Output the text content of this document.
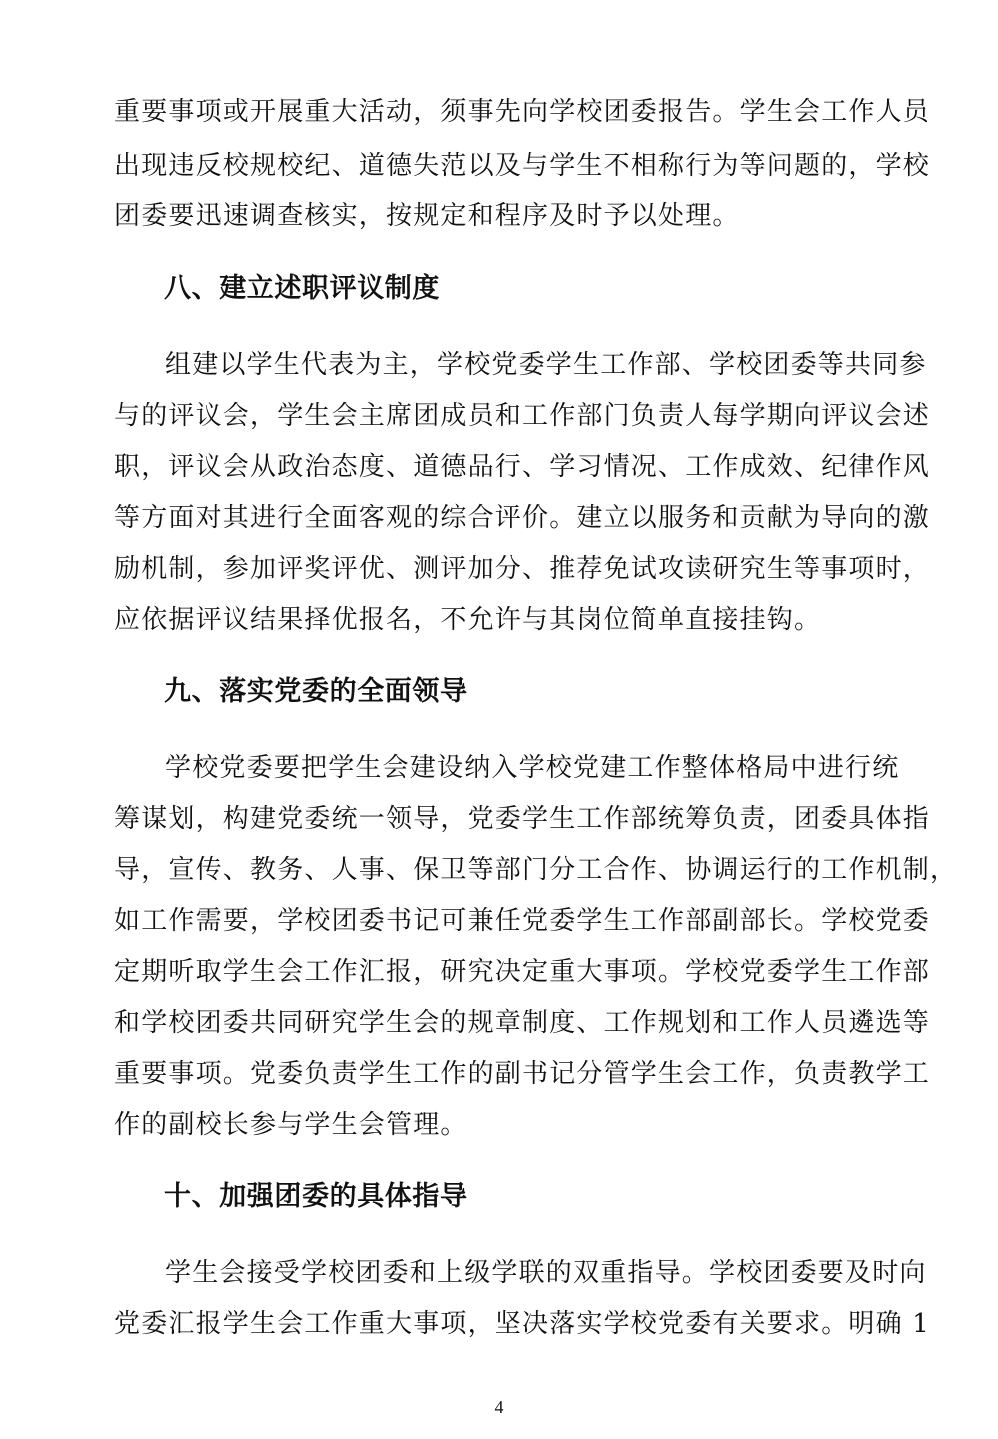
重要事项或开展重大活动，须事先向学校团委报告。学生会工作人员
出现违反校规校纪、道德失范以及与学生不相称行为等问题的，学校
团委要迅速调查核实，按规定和程序及时予以处理。
八、建立述职评议制度
组建以学生代表为主，学校党委学生工作部、学校团委等共同参
与的评议会，学生会主席团成员和工作部门负责人每学期向评议会述
职，评议会从政治态度、道德品行、学习情况、工作成效、纪律作风
等方面对其进行全面客观的综合评价。建立以服务和贡献为导向的激
励机制，参加评奖评优、测评加分、推荐免试攻读研究生等事项时，
应依据评议结果择优报名，不允许与其岗位简单直接挂钩。
九、落实党委的全面领导
学校党委要把学生会建设纳入学校党建工作整体格局中进行统
筹谋划，构建党委统一领导，党委学生工作部统筹负责，团委具体指
导，宣传、教务、人事、保卫等部门分工合作、协调运行的工作机制，
如工作需要，学校团委书记可兼任党委学生工作部副部长。学校党委
定期听取学生会工作汇报，研究决定重大事项。学校党委学生工作部
和学校团委共同研究学生会的规章制度、工作规划和工作人员遴选等
重要事项。党委负责学生工作的副书记分管学生会工作，负责教学工
作的副校长参与学生会管理。
十、加强团委的具体指导
学生会接受学校团委和上级学联的双重指导。学校团委要及时向
党委汇报学生会工作重大事项，坚决落实学校党委有关要求。明确 1
4
